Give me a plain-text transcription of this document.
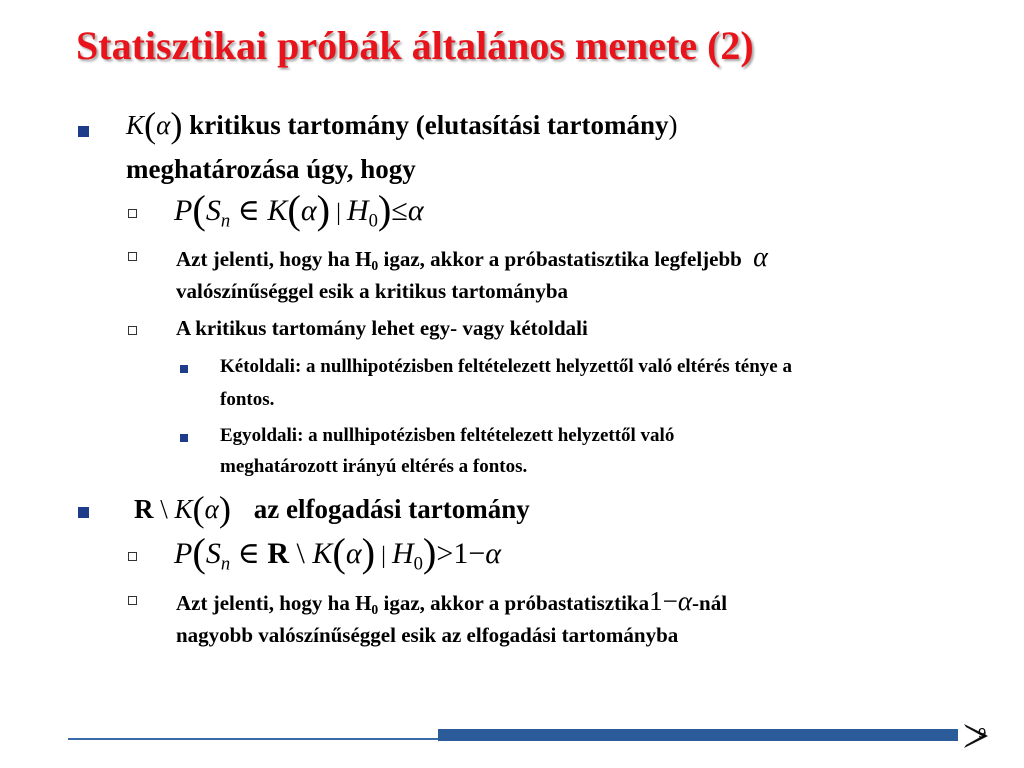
Statisztikai próbák általános menete (2)
K(α) kritikus tartomány (elutasítási tartomány)
meghatározása úgy, hogy
$P(S_n$ ∈ K(α) | $H_0)\le\alpha$
Azt jelenti, hogy ha H0 igaz, akkor a próbastatisztika legfeljebb α
valószínűséggel esik a kritikus tartományba
A kritikus tartomány lehet egy- vagy kétoldali
Kétoldali: a nullhipotézisben feltételezett helyzettől való eltérés ténye a
fontos.
Egyoldali: a nullhipotézisben feltételezett helyzettől való
meghatározott irányú eltérés a fontos.
R \ K(α) az elfogadási tartomány
$P(S_n$ ∈ R \ K(α) | $H_0)>1-\alpha$
Azt jelenti, hogy ha H0 igaz, akkor a próbastatisztika1−α-nál
nagyobb valószínűséggel esik az elfogadási tartományba
9
